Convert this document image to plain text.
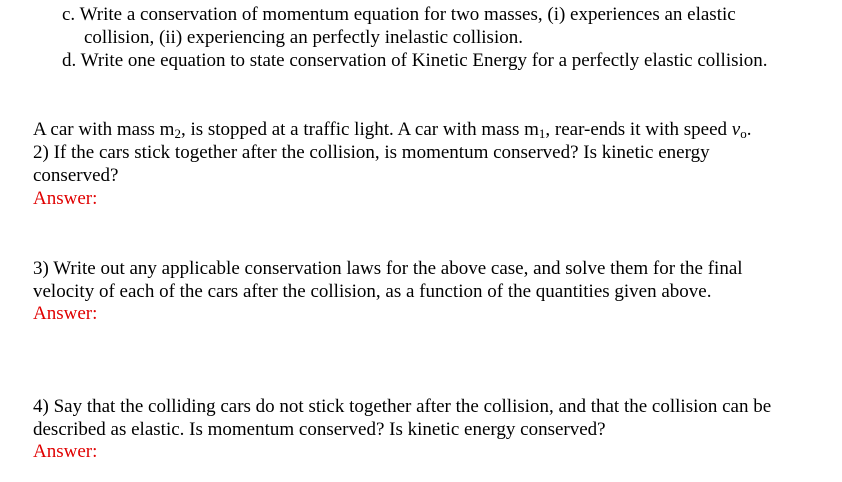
c. Write a conservation of momentum equation for two masses, (i) experiences an elastic
collision, (ii) experiencing an perfectly inelastic collision.
d. Write one equation to state conservation of Kinetic Energy for a perfectly elastic collision.
A car with mass $m_2$, is stopped at a traffic light. A car with mass $m_1$, rear-ends it with speed $v_o$.
2) If the cars stick together after the collision, is momentum conserved? Is kinetic energy
conserved?
Answer:
3) Write out any applicable conservation laws for the above case, and solve them for the final
velocity of each of the cars after the collision, as a function of the quantities given above.
Answer:
4) Say that the colliding cars do not stick together after the collision, and that the collision can be
described as elastic. Is momentum conserved? Is kinetic energy conserved?
Answer:
